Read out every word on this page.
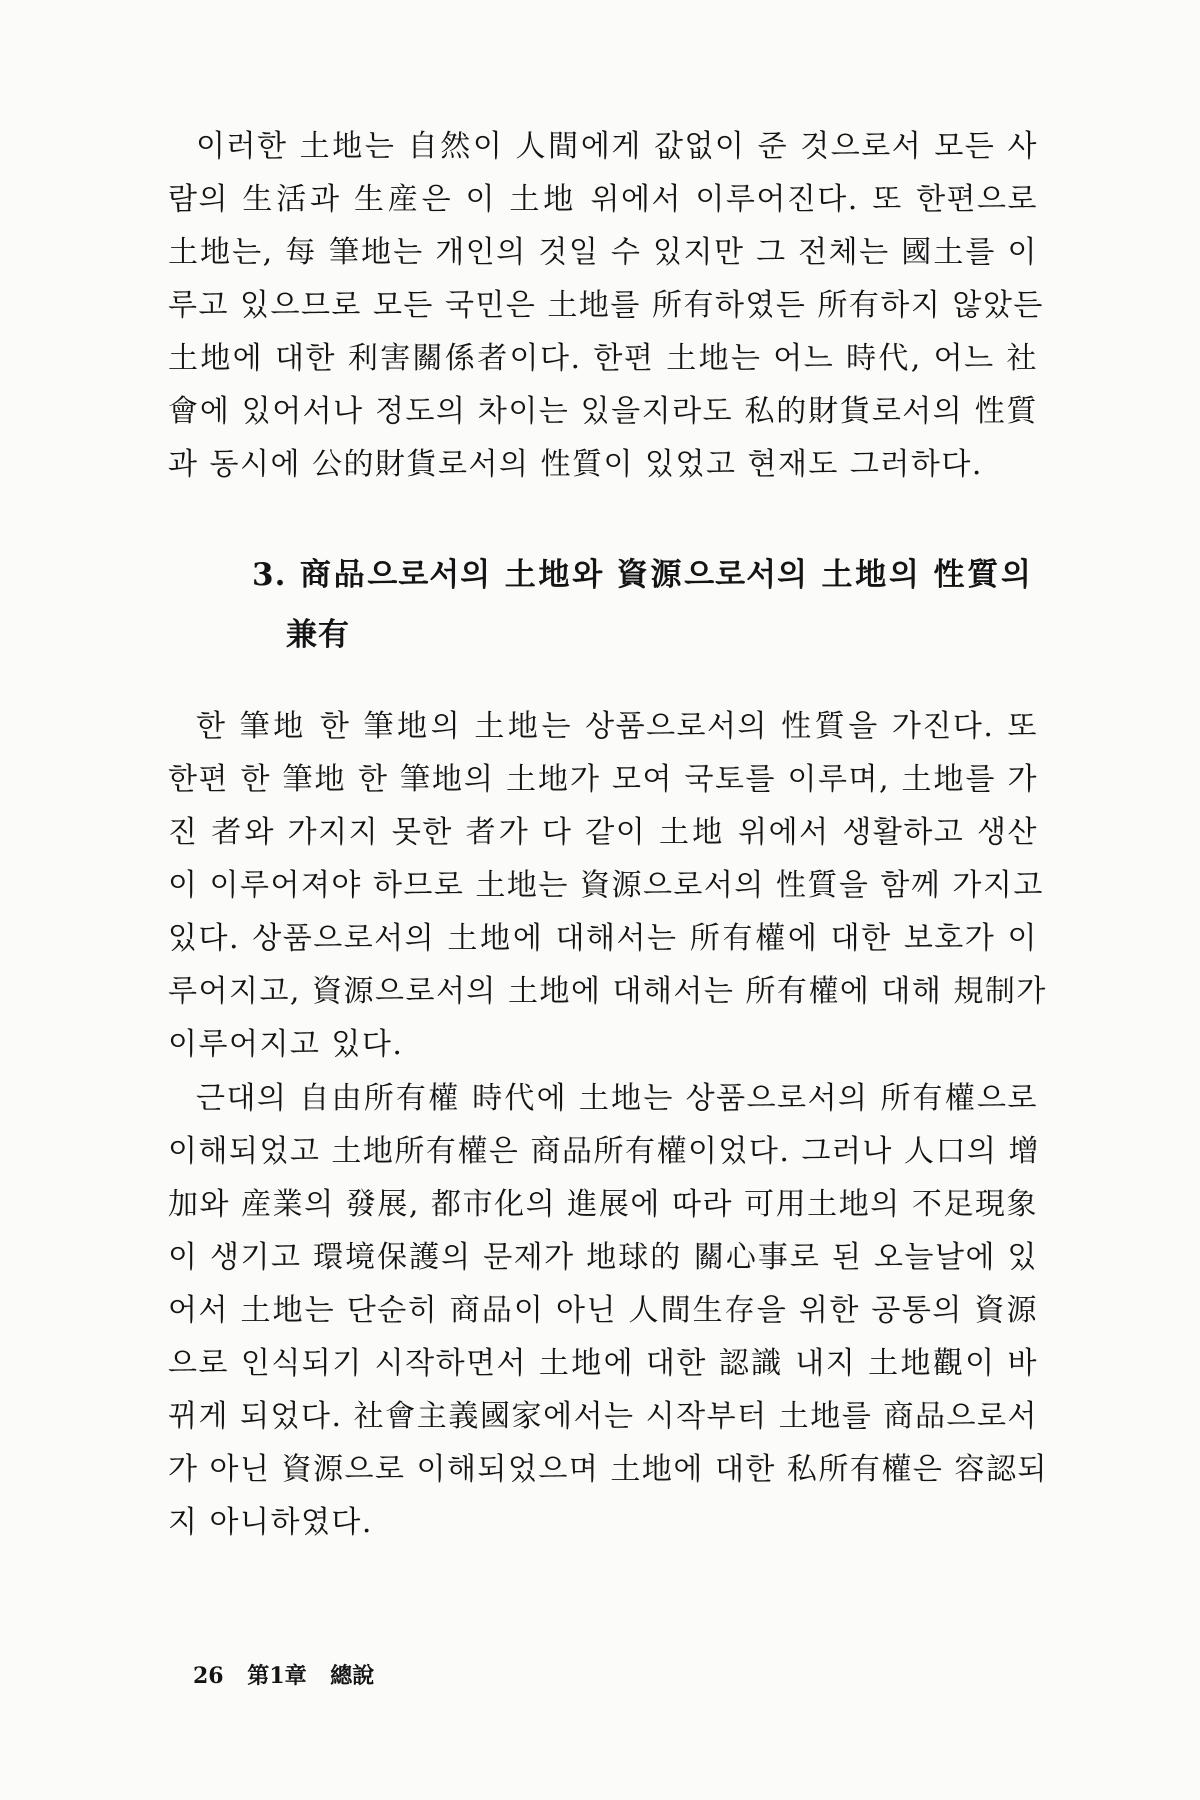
이러한 土地는 自然이 人間에게 값없이 준 것으로서 모든 사
람의 生活과 生産은 이 土地 위에서 이루어진다. 또 한편으로
土地는, 每 筆地는 개인의 것일 수 있지만 그 전체는 國土를 이
루고 있으므로 모든 국민은 土地를 所有하였든 所有하지 않았든
土地에 대한 利害關係者이다. 한편 土地는 어느 時代, 어느 社
會에 있어서나 정도의 차이는 있을지라도 私的財貨로서의 性質
과 동시에 公的財貨로서의 性質이 있었고 현재도 그러하다.
3. 商品으로서의 土地와 資源으로서의 土地의 性質의
兼有
한 筆地 한 筆地의 土地는 상품으로서의 性質을 가진다. 또
한편 한 筆地 한 筆地의 土地가 모여 국토를 이루며, 土地를 가
진 者와 가지지 못한 者가 다 같이 土地 위에서 생활하고 생산
이 이루어져야 하므로 土地는 資源으로서의 性質을 함께 가지고
있다. 상품으로서의 土地에 대해서는 所有權에 대한 보호가 이
루어지고, 資源으로서의 土地에 대해서는 所有權에 대해 規制가
이루어지고 있다.
근대의 自由所有權 時代에 土地는 상품으로서의 所有權으로
이해되었고 土地所有權은 商品所有權이었다. 그러나 人口의 增
加와 産業의 發展, 都市化의 進展에 따라 可用土地의 不足現象
이 생기고 環境保護의 문제가 地球的 關心事로 된 오늘날에 있
어서 土地는 단순히 商品이 아닌 人間生存을 위한 공통의 資源
으로 인식되기 시작하면서 土地에 대한 認識 내지 土地觀이 바
뀌게 되었다. 社會主義國家에서는 시작부터 土地를 商品으로서
가 아닌 資源으로 이해되었으며 土地에 대한 私所有權은 容認되
지 아니하였다.
26 第1章 總說
